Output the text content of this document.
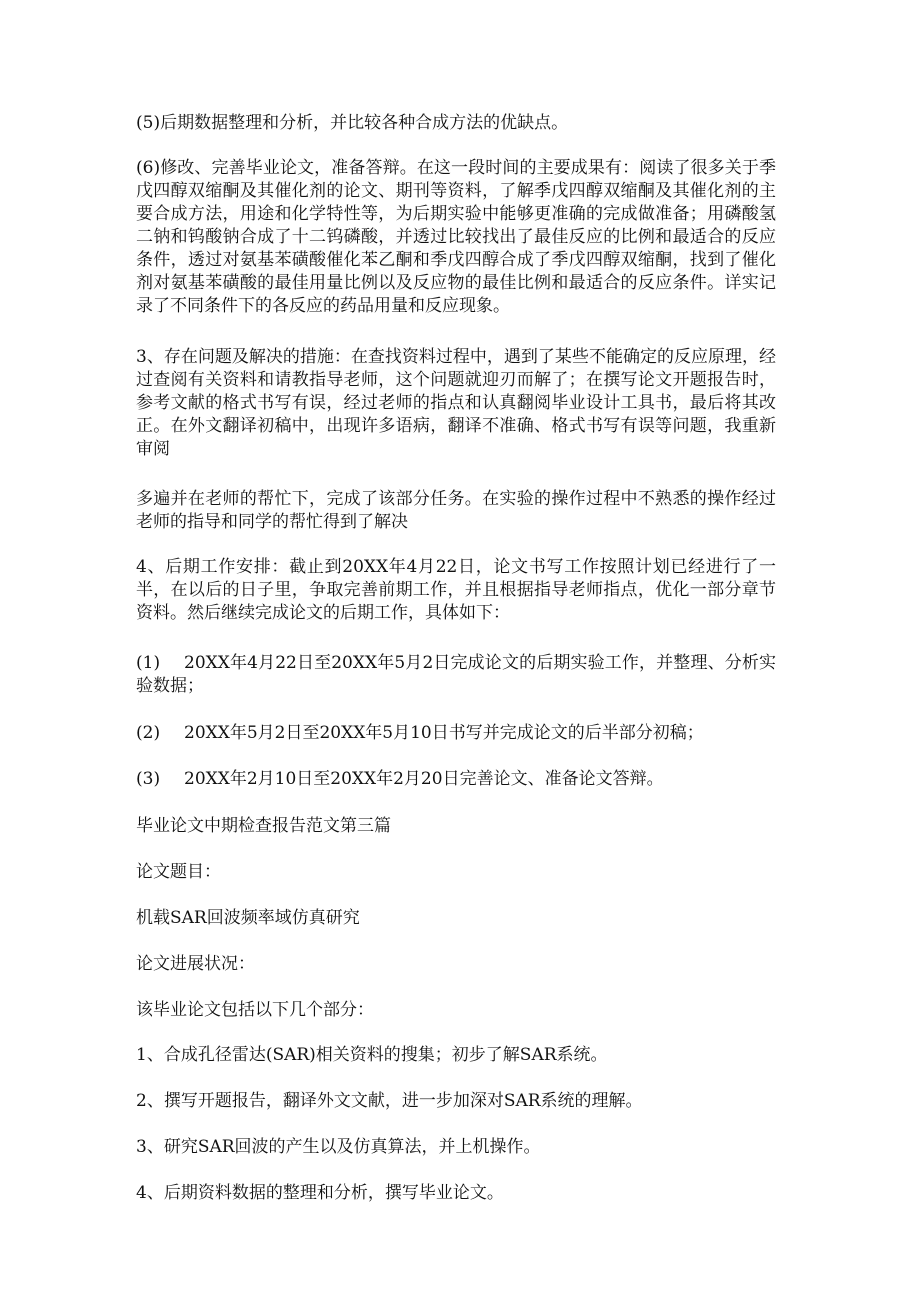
(5)后期数据整理和分析，并比较各种合成方法的优缺点。

(6)修改、完善毕业论文，准备答辩。在这一段时间的主要成果有：阅读了很多关于季戊四醇双缩酮及其催化剂的论文、期刊等资料，了解季戊四醇双缩酮及其催化剂的主要合成方法，用途和化学特性等，为后期实验中能够更准确的完成做准备；用磷酸氢二钠和钨酸钠合成了十二钨磷酸，并透过比较找出了最佳反应的比例和最适合的反应条件，透过对氨基苯磺酸催化苯乙酮和季戊四醇合成了季戊四醇双缩酮，找到了催化剂对氨基苯磺酸的最佳用量比例以及反应物的最佳比例和最适合的反应条件。详实记录了不同条件下的各反应的药品用量和反应现象。

3、存在问题及解决的措施：在查找资料过程中，遇到了某些不能确定的反应原理，经过查阅有关资料和请教指导老师，这个问题就迎刃而解了；在撰写论文开题报告时，参考文献的格式书写有误，经过老师的指点和认真翻阅毕业设计工具书，最后将其改正。在外文翻译初稿中，出现许多语病，翻译不准确、格式书写有误等问题，我重新审阅

多遍并在老师的帮忙下，完成了该部分任务。在实验的操作过程中不熟悉的操作经过老师的指导和同学的帮忙得到了解决

4、后期工作安排：截止到20XX年4月22日，论文书写工作按照计划已经进行了一半，在以后的日子里，争取完善前期工作，并且根据指导老师指点，优化一部分章节资料。然后继续完成论文的后期工作，具体如下：

(1) 20XX年4月22日至20XX年5月2日完成论文的后期实验工作，并整理、分析实验数据；

(2) 20XX年5月2日至20XX年5月10日书写并完成论文的后半部分初稿；

(3) 20XX年2月10日至20XX年2月20日完善论文、准备论文答辩。

毕业论文中期检查报告范文第三篇

论文题目：

机载SAR回波频率域仿真研究

论文进展状况：

该毕业论文包括以下几个部分：

1、合成孔径雷达(SAR)相关资料的搜集；初步了解SAR系统。

2、撰写开题报告，翻译外文文献，进一步加深对SAR系统的理解。

3、研究SAR回波的产生以及仿真算法，并上机操作。

4、后期资料数据的整理和分析，撰写毕业论文。
